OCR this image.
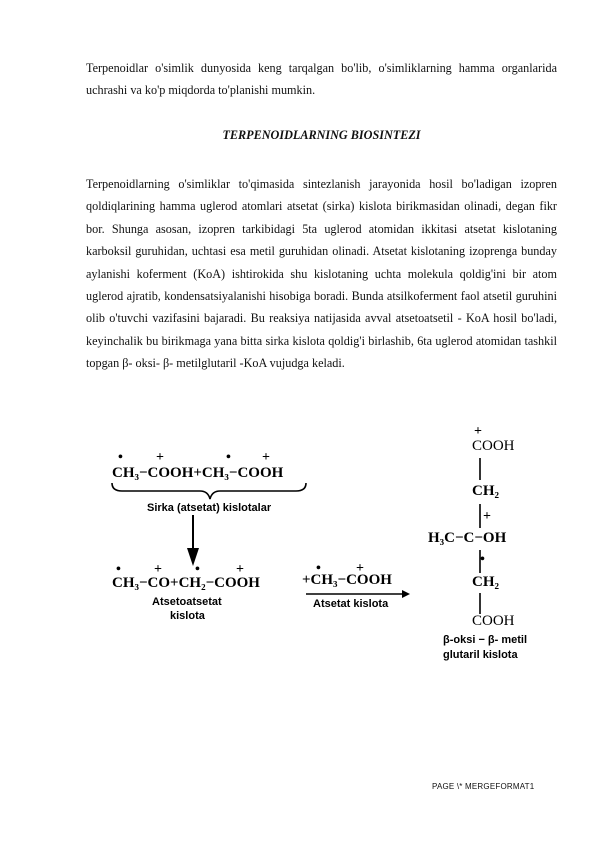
Terpenoidlar o'simlik dunyosida keng tarqalgan bo'lib, o'simliklarning hamma organlarida uchrashi va ko'p miqdorda to'planishi mumkin.

TERPENOIDLARNING BIOSINTEZI

Terpenoidlarning o'simliklar to'qimasida sintezlanish jarayonida hosil bo'ladigan izopren qoldiqlarining hamma uglerod atomlari atsetat (sirka) kislota birikmasidan olinadi, degan fikr bor. Shunga asosan, izopren tarkibidagi 5ta uglerod atomidan ikkitasi atsetat kislotaning karboksil guruhidan, uchtasi esa metil guruhidan olinadi. Atsetat kislotaning izoprenga bunday aylanishi koferment (KoA) ishtirokida shu kislotaning uchta molekula qoldig'ini bir atom uglerod ajratib, kondensatsiyalanishi hisobiga boradi. Bunda atsilkoferment faol atsetil guruhini olib o'tuvchi vazifasini bajaradi. Bu reaksiya natijasida avval atsetoatsetil - KoA hosil bo'ladi, keyinchalik bu birikmaga yana bitta sirka kislota qoldig'i birlashib, 6ta uglerod atomidan tashkil topgan β- oksi- β- metilglutaril -KoA vujudga keladi.

• +	• +
CH₃−COOH+CH₃−COOH
Sirka (atsetat) kislotalar
• + •	+
CH₃−CO+CH₂−COOH
Atsetoatsetat
kislota
•	+
+CH₃−COOH
Atsetat kislota
+
COOH
CH₂
+
H₃C−C−OH
•
CH₂
COOH
β-oksi − β- metil
glutaril kislota
PAGE \* MERGEFORMAT1
